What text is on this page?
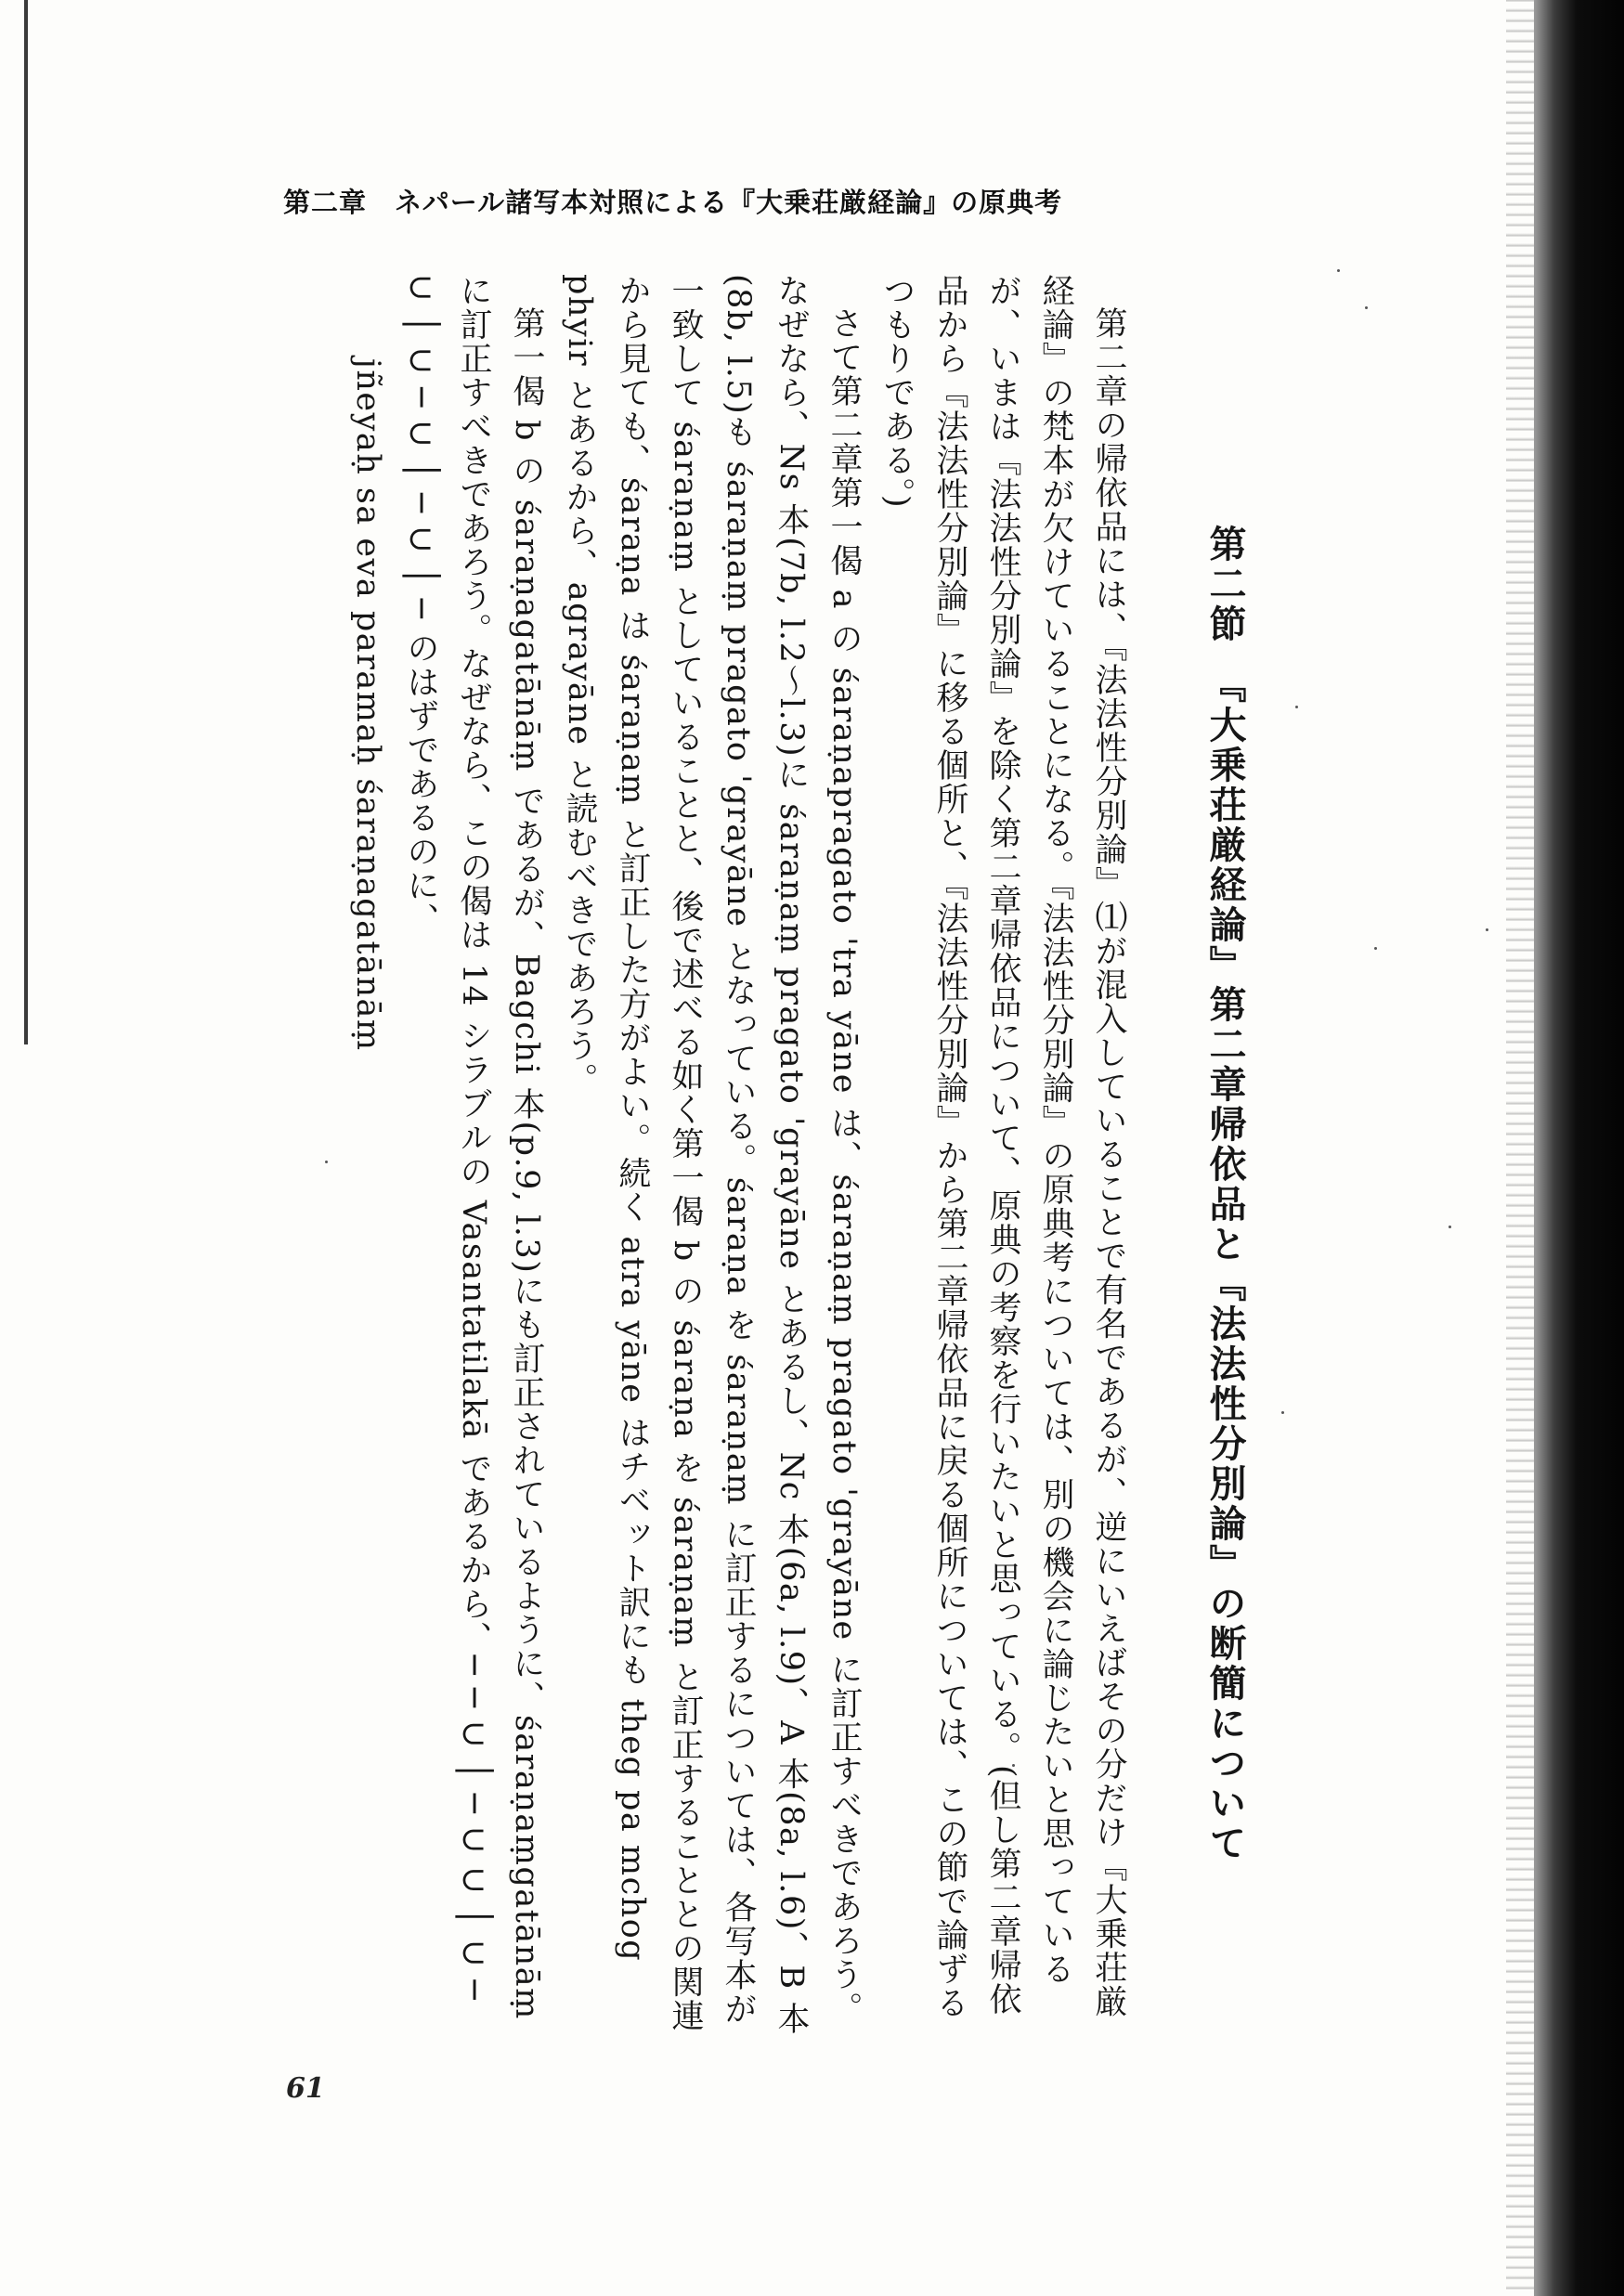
第二章　ネパール諸写本対照による『大乗荘厳経論』の原典考
第二節　『大乗荘厳経論』第二章帰依品と『法法性分別論』の断簡について

第二章の帰依品には、『法法性分別論』⑴が混入していることで有名であるが、逆にいえばその分だけ『大乗荘厳経論』の梵本が欠けていることになる。『法法性分別論』の原典考については、別の機会に論じたいと思っているが、いまは『法法性分別論』を除く第二章帰依品について、原典の考察を行いたいと思っている。(但し第二章帰依品から『法法性分別論』に移る個所と、『法法性分別論』から第二章帰依品に戻る個所については、この節で論ずるつもりである。)

さて第二章第一偈 a の śaraṇapragato 'tra yāne は、śaraṇaṃ pragato 'grayāne に訂正すべきであろう。なぜなら、Ns 本(7b, l.2～l.3)に śaraṇaṃ pragato 'grayāne とあるし、Nc 本(6a, l.9)、A 本(8a, l.6)、B 本(8b, l.5)も śaraṇaṃ pragato 'grayāne となっている。śaraṇa を śaraṇaṃ に訂正するについては、各写本が一致して śaraṇaṃ としていることと、後で述べる如く第一偈 b の śaraṇa を śaraṇaṃ と訂正することとの関連から見ても、śaraṇa は śaraṇaṃ と訂正した方がよい。続く atra yāne はチベット訳にも theg pa mchog phyir とあるから、agrayāne と読むべきであろう。

第一偈 b の śaraṇagatānāṃ であるが、Bagchi 本(p.9, l.3)にも訂正されているように、śaraṇaṃgatānāṃ に訂正すべきであろう。なぜなら、この偈は 14 シラブルの Vasantatilakā であるから、─ ─ ∪ │ ─ ∪ ∪ │ ∪ ─ ∪ │ ∪ ─ ∪ │ ─ ∪ │ ─ のはずであるのに、

jñeyaḥ sa eva paramaḥ śaraṇagatānāṃ

61
